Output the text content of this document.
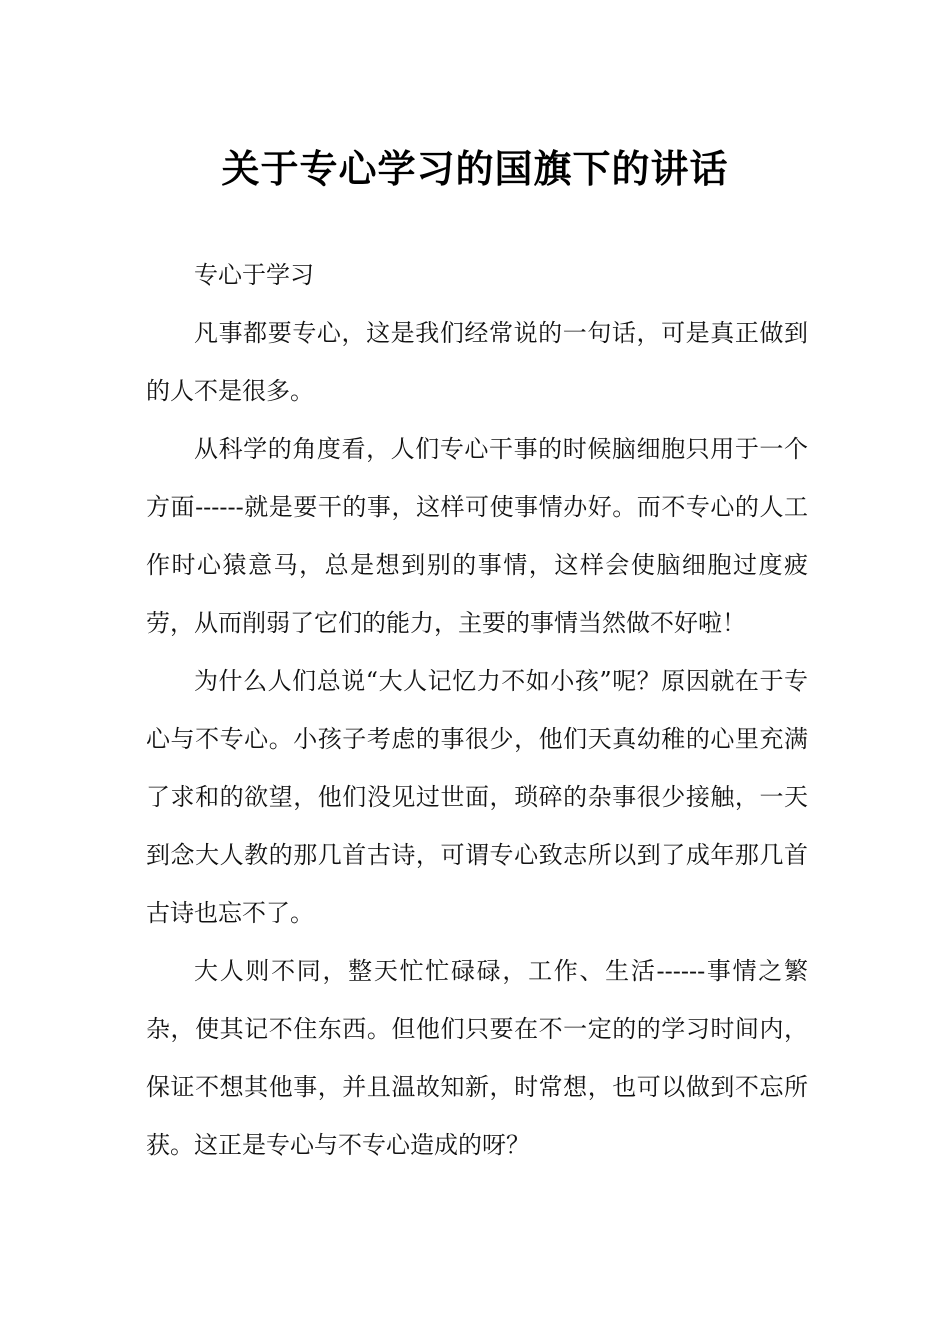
关于专心学习的国旗下的讲话

专心于学习

凡事都要专心，这是我们经常说的一句话，可是真正做到的人不是很多。

从科学的角度看，人们专心干事的时候脑细胞只用于一个方面------就是要干的事，这样可使事情办好。而不专心的人工作时心猿意马，总是想到别的事情，这样会使脑细胞过度疲劳，从而削弱了它们的能力，主要的事情当然做不好啦！

为什么人们总说“大人记忆力不如小孩”呢？原因就在于专心与不专心。小孩子考虑的事很少，他们天真幼稚的心里充满了求和的欲望，他们没见过世面，琐碎的杂事很少接触，一天到念大人教的那几首古诗，可谓专心致志所以到了成年那几首古诗也忘不了。

大人则不同，整天忙忙碌碌，工作、生活------事情之繁杂，使其记不住东西。但他们只要在不一定的的学习时间内，保证不想其他事，并且温故知新，时常想，也可以做到不忘所获。这正是专心与不专心造成的呀？
